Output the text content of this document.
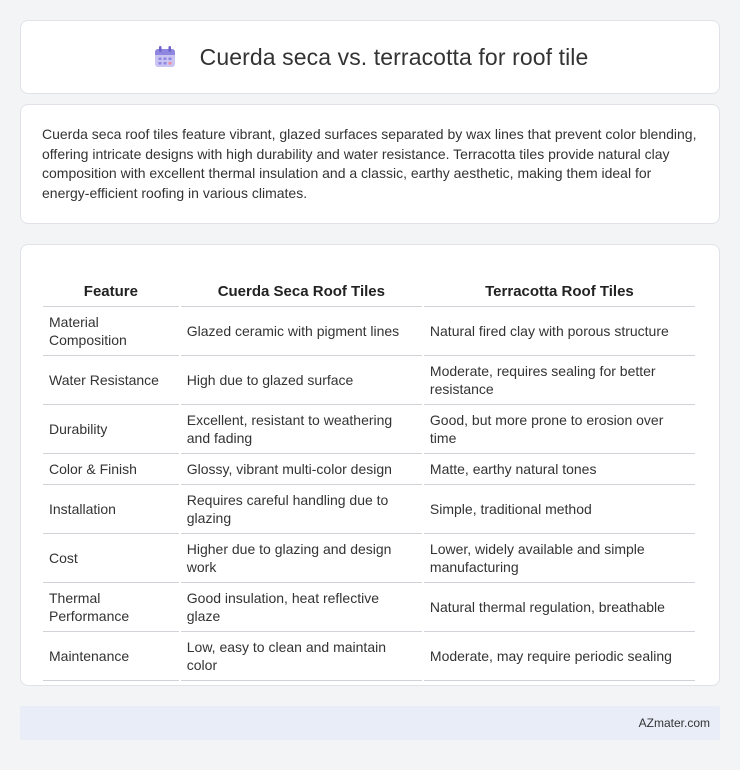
Cuerda seca vs. terracotta for roof tile

Cuerda seca roof tiles feature vibrant, glazed surfaces separated by wax lines that prevent color blending, offering intricate designs with high durability and water resistance. Terracotta tiles provide natural clay composition with excellent thermal insulation and a classic, earthy aesthetic, making them ideal for energy-efficient roofing in various climates.

Feature	Cuerda Seca Roof Tiles	Terracotta Roof Tiles
Material Composition	Glazed ceramic with pigment lines	Natural fired clay with porous structure
Water Resistance	High due to glazed surface	Moderate, requires sealing for better resistance
Durability	Excellent, resistant to weathering and fading	Good, but more prone to erosion over time
Color & Finish	Glossy, vibrant multi-color design	Matte, earthy natural tones
Installation	Requires careful handling due to glazing	Simple, traditional method
Cost	Higher due to glazing and design work	Lower, widely available and simple manufacturing
Thermal Performance	Good insulation, heat reflective glaze	Natural thermal regulation, breathable
Maintenance	Low, easy to clean and maintain color	Moderate, may require periodic sealing
AZmater.com
